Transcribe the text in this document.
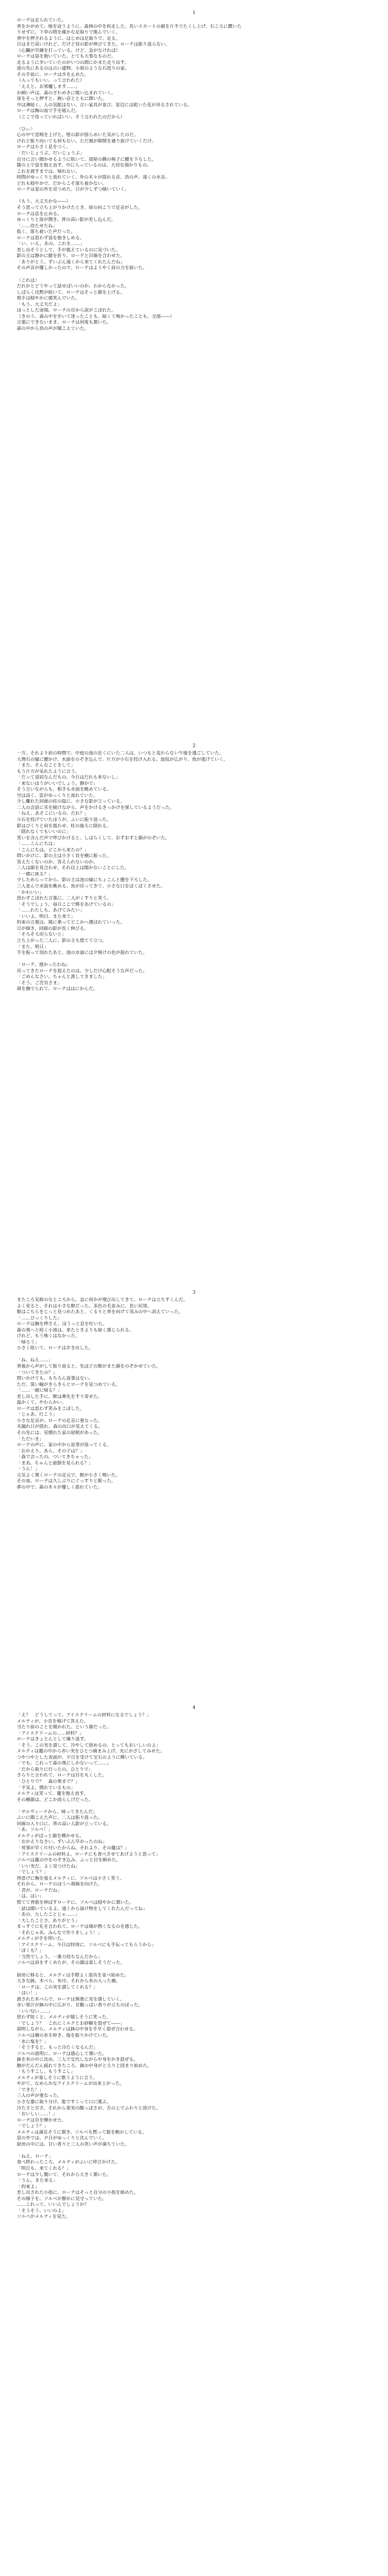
1

ローテは走られていた。

背をかがめて、地を這うように。森林の中を疾走した。長いスカートの裾を片手でたくし上げ、石ころに躓いた

りせずに、下草の間を確かな足取りで進んでいく。

背中を押されるように、はじめは足取りで、走る。

日はまだ高いけれど、だけど昼の影が伸びてきた。ローテは振り返らない。

（心臓が早鐘を打っている。けど、急がなければ）

ローテは袋を抱いていた。とても大事なものだ。

走るように歩いていたのがいつの間にかまた走り出す。

道の先にあるのは古い建物。小屋のような石造りの家。

その手前に、ローテは歩を止めた。

（入ってもいい、って言われた）

「ええと、お邪魔します……」

か細い声は、森のざわめきに吸い込まれていく。

扉をそっと押すと、鈍い音とともに開いた。

中は薄暗く、人の気配はない。古い家具が並び、窓辺には乾いた花が吊るされている。

ローテは胸の前で手を組んだ。

（ここで待っていればいい。そう言われたのだから）

〈ひぃ〉

心の中で悲鳴を上げた。壁の影が揺らめいた気がしたのだ。

けれど振り向いても何もない。ただ風が隙間を通り抜けていくだけ。

ローテは小さく息をつく。

「だいじょうぶ。だいじょうぶ」

自分に言い聞かせるように呟いて、部屋の隅の椅子に腰を下ろした。

膝の上で袋を抱え直す。中に入っているのは、大切な預かりもの。

これを渡すまでは、帰れない。

時間がゆっくりと流れていく。外の木々が揺れる音、鳥の声、遠くの水音。

どれも穏やかで、だからこそ落ち着かない。

ローテは窓の外を見つめた。日が少しずつ傾いていく。

（もう、大丈夫かな――）

そう思って立ち上がりかけたとき、扉の向こうで足音がした。

ローテは息を止める。

ゆっくりと扉が開き、背の高い影が差し込んだ。

「……待たせたね」

低く、落ち着いた声だった。

ローテは思わず袋を抱きしめる。

「い、いえ。あの、これを……」

差し出そうとして、手が震えているのに気づいた。

影の主は静かに膝を折り、ローテと目線を合わせた。

「ありがとう。ずいぶん遠くから来てくれたんだね」

その声音が優しかったので、ローテはようやく肩の力を抜いた。

〈これは〉

だれかとどうやって話せばいいのか、わからなかった。

しばらく沈黙が続いて、ローテはそっと顔を上げる。

相手は穏やかに微笑んでいた。

「もう、大丈夫だよ」

ほっとした途端、ローテの目から涙がこぼれた。

（きのう、森の中を歩いて迷ったことも、暗くて怖かったことも、全部――）

言葉にできないまま、ローテは何度も頷いた。

森の中から鳥の声が聞こえていた。

2

一方、それより前の時間で、中庭の池の近くにいた二人は、いつもと変わらない午後を過ごしていた。

大理石の縁に腰かけ、水面をのぞき込んで、片方が小石を投げ入れる。波紋が広がり、魚が逃げていく。

「また、そんなことをして」

もう片方が呆れたように言う。

「だって退屈なんだもの。今日はだれも来ないし」

「来ないほうがいいでしょう。静かで」

そう言いながらも、相手も水面を眺めている。

空は高く、雲がゆっくりと流れていた。

少し離れた回廊の柱の陰に、小さな影が立っている。

二人の会話に耳を傾けながら、声をかけるきっかけを探しているようだった。

「ねえ、あそこにいるの、だれ？」

小石を投げていたほうが、ふいに振り返った。

影はびくりと肩を震わせ、柱の後ろに隠れる。

「隠れなくてもいいのに」

笑いを含んだ声で呼びかけると、しばらくして、おずおずと顔がのぞいた。

「……こんにちは」

「こんにちは。どこから来たの？」

問いかけに、影の主は小さく首を横に振った。

答えたくないのか、答えられないのか。

二人は顔を見合わせ、それ以上は聞かないことにした。

「一緒に座る？」

少しためらってから、影の主は池の縁にちょこんと腰を下ろした。

三人並んで水面を眺める。魚が戻ってきて、小さな口をぱくぱくさせた。

「かわいい」

思わずこぼれた言葉に、二人がくすりと笑う。

「そうでしょう。毎日ここで餌をあげているの」

「……わたしも、あげてみたい」

「いいよ。明日、また来て」

約束の言葉は、風に乗ってどこかへ運ばれていった。

日が傾き、回廊の影が長く伸びる。

「そろそろ戻らないと」

立ち上がった二人に、影の主も慌てて立つ。

「また、明日」

手を振って別れたあと、池の水面には夕焼けの色が揺れていた。

「ローテ、遅かったわね」

戻ってきたローテを迎えたのは、少しだけ心配そうな声だった。

「ごめんなさい。ちゃんと渡してきました」

「そう。ご苦労さま」

頭を撫でられて、ローテははにかんだ。

3

またころ気候のなところから、急に何かが飛び出してきて、ローテは立ちすくんだ。

よく見ると、それは小さな獣だった。茶色の毛並みに、長い尻尾。

獣はこちらをじっと見つめたあと、くるりと背を向けて茂みの中へ消えていった。

「……びっくりした」

ローテは胸を押さえ、ほうっと息を吐いた。

森の奥へと続く小道は、来たときよりも暗く感じられる。

けれど、もう怖くはなかった。

「帰ろう」

小さく呟いて、ローテは歩き出した。

「ね、ねえ……」

背後から声がして振り返ると、先ほどの獣がまた顔をのぞかせていた。

「ついてきたの？」

問いかけても、もちろん返事はない。

ただ、黒い瞳がきらきらとローテを見つめている。

「……一緒に帰る？」

差し出した手に、獣は鼻先をすり寄せた。

温かくて、やわらかい。

ローテは思わず笑みをこぼした。

「じゃあ、行こう」

小さな足音が、ローテの足音に重なった。

木漏れ日が揺れ、森の出口が見えてくる。

その先には、見慣れた家の屋根があった。

「ただいま」

ローテの声に、家の中から返事が返ってくる。

「おかえり。あら、その子は？」

「森で会ったの。ついてきちゃった」

「まあ。ちゃんと面倒を見られる？」

「うん！」

元気よく頷くローテの足元で、獣が小さく鳴いた。

その夜、ローテは久しぶりにぐっすりと眠った。

夢の中で、森の木々が優しく揺れていた。

4

「え？　どうしてって、アイスクリームの材料になるでしょう？」

メルティが、小首を傾げて答えた。

当たり前のことを聞かれた、という顔だった。

「アイスクリームの……材料？」

ローテはきょとんとして繰り返す。

「そう。この実を潰して、冷やして固めるの。とってもおいしいのよ」

メルティは籠の中から赤い実をひとつ摘まみ上げ、光にかざしてみせた。

つやつやとした表面が、夕日を受けて宝石のように輝いている。

「でも、これって森の奥にしかないって……」

「だから取りに行ったの。ひとりで」

さらりと言われて、ローテは目を丸くした。

「ひとりで？　森の奥まで？」

「平気よ。慣れているもの」

メルティは笑って、籠を抱え直す。

その横顔は、どこか誇らしげだった。

「サルヴィーナから、帰ってきたんだ」

ふいに聞こえた声に、二人は振り返った。

回廊の入り口に、背の高い人影が立っている。

「あ、ソルベ！」

メルティがぱっと顔を輝かせる。

「おかえりなさい。ずいぶん早かったのね」

「用事が早く片付いたからね。それより、その籠は？」

「アイスクリームの材料よ。ローテにも食べさせてあげようと思って」

ソルベは籠の中をのぞき込み、ふっと目を細めた。

「いい実だ。よく見つけたね」

「でしょう？」

得意げに胸を張るメルティに、ソルベは小さく笑う。

それから、ローテのほうへ視線を向けた。

「君が、ローテだね」

「は、はい」

慌てて背筋を伸ばすローテに、ソルベは穏やかに頷いた。

「話は聞いているよ。遠くから届け物をしてくれたんだってね」

「あの、大したことじゃ……」

「大したことさ。ありがとう」

まっすぐに礼を言われて、ローテは頬が熱くなるのを感じた。

「それじゃあ、みんなで作りましょう！」

メルティが手を叩いた。

「アイスクリーム。今日は特別に、ソルベにも手伝ってもらうから」

「ぼくも？」

「当然でしょう。一番力持ちなんだから」

ソルベは肩をすくめたが、その顔は楽しそうだった。

厨房に移ると、メルティは手際よく道具を並べ始めた。

大きな鉢、木べら、布巾、それから氷の入った桶。

「ローテは、この実を潰してくれる？」

「はい！」

渡された木べらで、ローテは慎重に実を潰していく。

赤い果汁が鉢の中に広がり、甘酸っぱい香りが立ちのぼった。

「いい匂い……」

思わず呟くと、メルティが嬉しそうに笑った。

「でしょう？　これにミルクとお砂糖を混ぜて――」

説明しながら、メルティは鉢の中身を手早く混ぜ合わせる。

ソルベは桶の氷を砕き、塩を振りかけていた。

「氷に塩を？」

「そうすると、もっと冷たくなるんだ」

ソルベの説明に、ローテは感心して頷いた。

鉢を氷の中に沈め、三人で交代しながら中身をかき混ぜる。

腕がだんだん疲れてきたころ、鉢の中身がとろりと固まり始めた。

「もうすこし、もうすこし」

メルティが楽しそうに歌うように言う。

やがて、なめらかなアイスクリームが出来上がった。

「できた！」

三人の声が重なった。

小さな器に取り分け、匙ですくって口に運ぶ。

冷たさと甘さ、それから果実の酸っぱさが、舌の上でふわりと溶けた。

「おいしい……！」

ローテは目を輝かせた。

「でしょう？」

メルティは満足そうに頷き、ソルベも黙って匙を動かしている。

窓の外では、夕日がゆっくりと沈んでいく。

厨房の中には、甘い香りと三人の笑い声が満ちていた。

「ねえ、ローテ」

食べ終わったころ、メルティがふいに呼びかけた。

「明日も、来てくれる？」

ローテは少し驚いて、それから大きく頷いた。

「うん。また来る」

「約束よ」

差し出された小指に、ローテはそっと自分の小指を絡めた。

その様子を、ソルベが静かに見守っていた。

……これって、いいんでしょうか？

「そうそう、いいのよ」

ソルベがメルティを見た。
